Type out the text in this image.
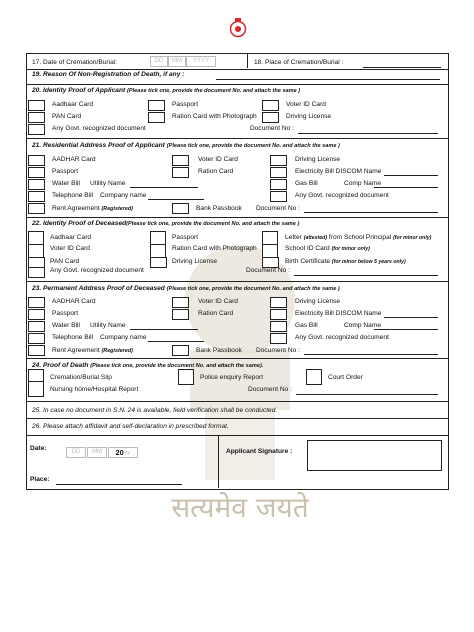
17. Date of Cremation/Burial:	DD	MM	YYYY	18. Place of Cremation/Burial :
19. Reason Of Non-Registration of Death, if any :
20. Identity Proof of Applicant (Please tick one, provide the document No. and attach the same )
Aadhaar Card	Passport	Voter ID Card
PAN Card	Ration Card with Photograph	Driving License
Any Govt. recognized document	Document No :
21. Residential Address Proof of Applicant (Please tick one, provide the document No. and attach the same )
AADHAR Card	Voter ID Card	Driving License
Passport	Ration Card	Electricity Bill DISCOM Name
Water Bill Utility Name	Gas Bill	Comp Name
Telephone Bill Company name	Any Govt. recognized document
Rent Agreement (Registered)	Bank Passbook Document No :
22. Identity Proof of Deceased(Please tick one, provide the document No. and attach the same )
Aadhaar Card	Passport	Letter (attested) from School Principal (for minor only)
Voter ID Card	Ration Card with Photograph	School ID Card (for minor only)
PAN Card	Driving License	Birth Certificate (for minor below 5 years only)
Any Govt. recognized document	Document No :
23. Permanent Address Proof of Deceased (Please tick one, provide the document No. and attach the same )
AADHAR Card	Voter ID Card	Driving License
Passport	Ration Card	Electricity Bill DISCOM Name
Water Bill Utility Name	Gas Bill	Comp Name
Telephone Bill Company name	Any Govt. recognized document
Rent Agreement (Registered)	Bank Passbook Document No :
24. Proof of Death (Please tick one, provide the document No. and attach the same).
Cremation/Burial Slip	Police enquiry Report	Court Order
Nursing home/Hospital Report	Document No :
25. In case no document in S.N. 24 is available, field verification shall be conducted.
26. Please attach affidavit and self-declaration in prescribed format.
Date:	DD	MM	20YY	Applicant Signature :
Place:
सत्यमेव जयते
